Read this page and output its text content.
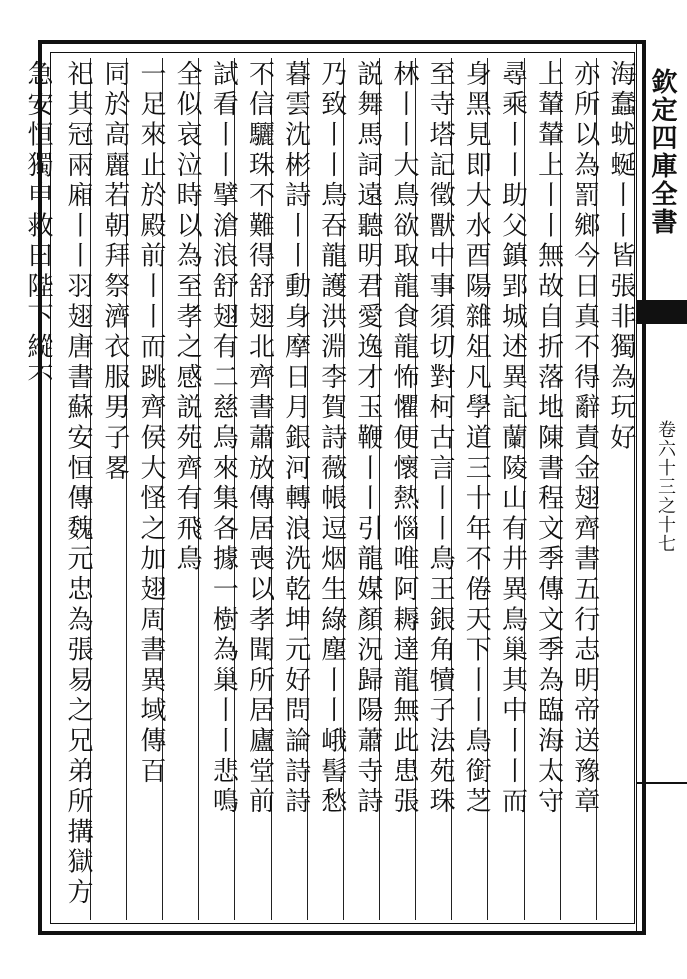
欽定四庫全書
卷六十三之十七
海蠢蚘蜒丨丨皆張非獨為玩好
亦所以為罰鄉今日真不得辭責金翅齊書五行志明帝送豫章
上輦輦上丨丨無故自折落地陳書程文季傳文季為臨海太守
尋乘丨丨助父鎮郢城述異記蘭陵山有井異鳥巢其中丨丨而
身黑見即大水酉陽雜俎凡學道三十年不倦天下丨丨鳥銜芝
至寺塔記徵獸中事須切對柯古言丨丨鳥王銀角犢子法苑珠
林丨丨大鳥欲取龍食龍怖懼便懷熱惱唯阿耨達龍無此患張
説舞馬詞遠聽明君愛逸才玉鞭丨丨引龍媒顏況歸陽蕭寺詩
乃致丨丨鳥吞龍護洪淵李賀詩薇帳逗烟生綠塵丨丨峨髻愁
暮雲沈彬詩丨丨動身摩日月銀河轉浪洗乾坤元好問論詩詩
不信驪珠不難得舒翅北齊書蕭放傳居喪以孝聞所居廬堂前
試看丨丨擘滄浪舒翅有二慈烏來集各據一樹為巢丨丨悲鳴
全似哀泣時以為至孝之感説苑齊有飛鳥
一足來止於殿前丨丨而跳齊侯大怪之加翅周書異域傳百
同於高麗若朝拜祭濟衣服男子畧
祀其冠兩廂丨丨羽翅唐書蘇安恒傳魏元忠為張易之兄弟所搆獄方急安恒獨申救曰陛下縱不
